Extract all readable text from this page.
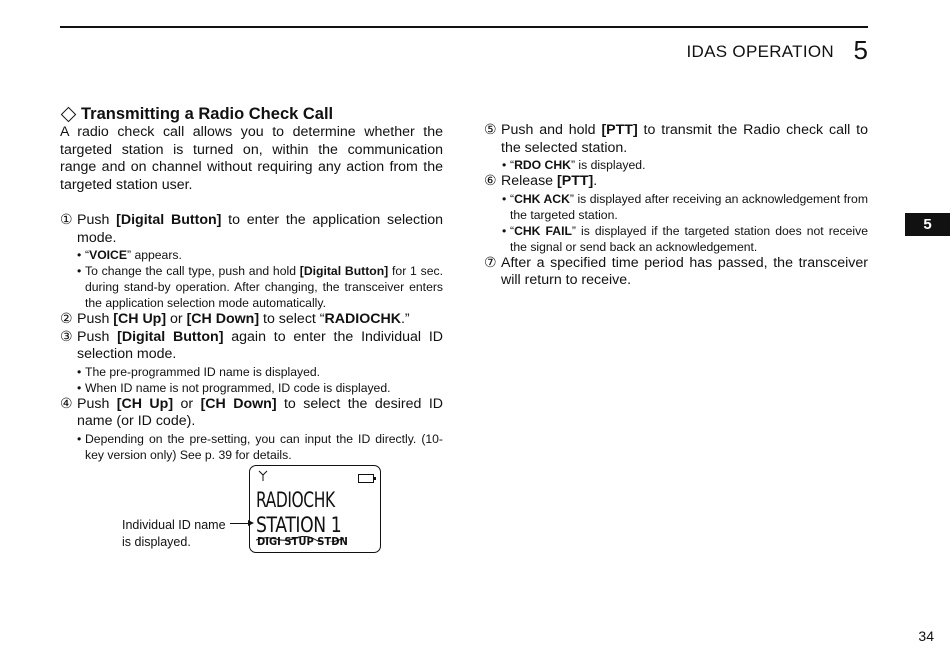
IDAS OPERATION 5
5
Transmitting a Radio Check Call
A radio check call allows you to determine whether the targeted station is turned on, within the communication range and on channel without requiring any action from the targeted station user.
① Push [Digital Button] to enter the application selection mode.
• “VOICE” appears.
• To change the call type, push and hold [Digital Button] for 1 sec. during stand-by operation. After changing, the transceiver enters the application selection mode automatically.
② Push [CH Up] or [CH Down] to select “RADIOCHK.”
③ Push [Digital Button] again to enter the Individual ID selection mode.
• The pre-programmed ID name is displayed.
• When ID name is not programmed, ID code is displayed.
④ Push [CH Up] or [CH Down] to select the desired ID name (or ID code).
• Depending on the pre-setting, you can input the ID directly. (10-key version only) See p. 39 for details.
⑤ Push and hold [PTT] to transmit the Radio check call to the selected station.
• “RDO CHK” is displayed.
⑥ Release [PTT].
• “CHK ACK” is displayed after receiving an acknowledgement from the targeted station.
• “CHK FAIL” is displayed if the targeted station does not receive the signal or send back an acknowledgement.
⑦ After a specified time period has passed, the transceiver will return to receive.
Individual ID name
is displayed.
RADIOCHK
STATION 1
DIGI STUP STDN
34
